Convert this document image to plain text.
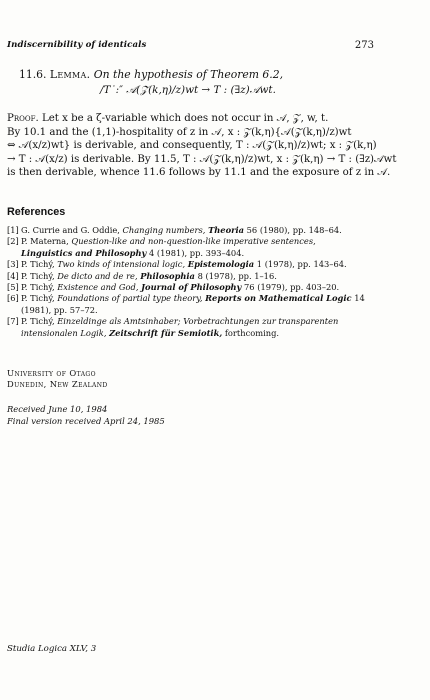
Indiscernibility of identicals	273
11.6. Lemma. On the hypothesis of Theorem 6.2,
/T˙:″ 𝒜(𝒵(k,η)/z)wt → T : (∃z)𝒜wt.
Proof. Let x be a ζ-variable which does not occur in 𝒜, 𝒵, w, t.
By 10.1 and the (1,1)-hospitality of z in 𝒜, x : 𝒵(k,η){𝒜(𝒵(k,η)/z)wt
⇔ 𝒜(x/z)wt} is derivable, and consequently, T : 𝒜(𝒵(k,η)/z)wt; x : 𝒵(k,η)
→ T : 𝒜(x/z) is derivable. By 11.5, T : 𝒜(𝒵(k,η)/z)wt, x : 𝒵(k,η) → T : (∃z)𝒜wt
is then derivable, whence 11.6 follows by 11.1 and the exposure of z in 𝒜.
References
[1] G. Currie and G. Oddie, Changing numbers, Theoria 56 (1980), pp. 148–64.
[2] P. Materna, Question-like and non-question-like imperative sentences, Linguistics and Philosophy 4 (1981), pp. 393–404.
[3] P. Tichý, Two kinds of intensional logic, Epistemologia 1 (1978), pp. 143–64.
[4] P. Tichý, De dicto and de re, Philosophia 8 (1978), pp. 1–16.
[5] P. Tichý, Existence and God, Journal of Philosophy 76 (1979), pp. 403–20.
[6] P. Tichý, Foundations of partial type theory, Reports on Mathematical Logic 14 (1981), pp. 57–72.
[7] P. Tichý, Einzeldinge als Amtsinhaber; Vorbetrachtungen zur transparenten intensionalen Logik, Zeitschrift für Semiotik, forthcoming.
University of Otago
Dunedin, New Zealand
Received June 10, 1984
Final version received April 24, 1985
Studia Logica XLV, 3
